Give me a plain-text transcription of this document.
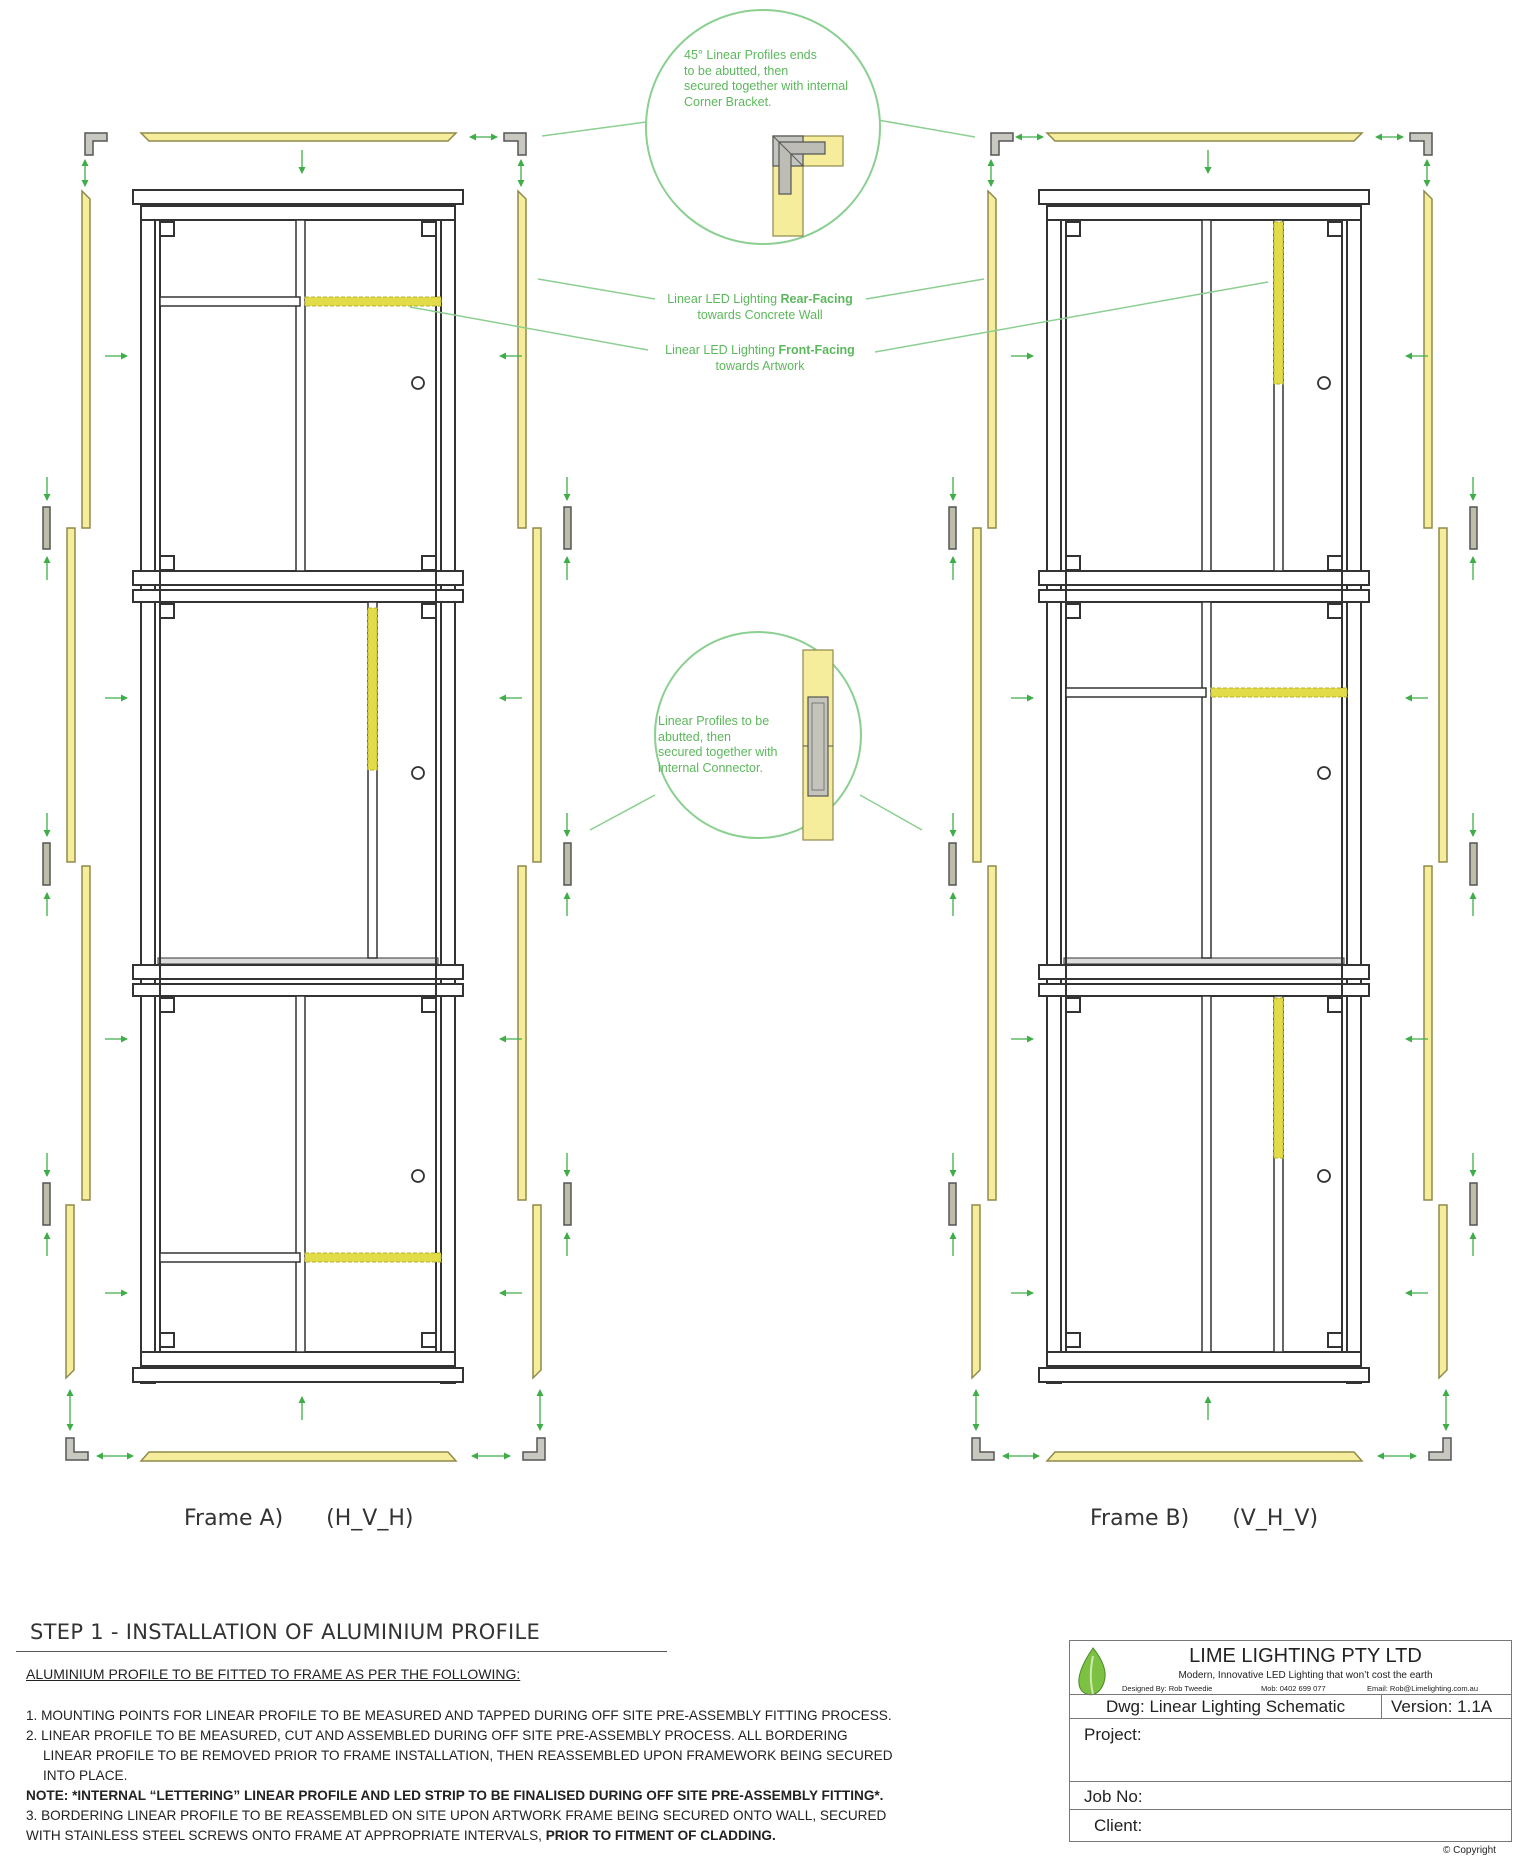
45° Linear Profiles ends
to be abutted, then
secured together with internal
Corner Bracket.
Linear LED Lighting Rear-Facing
towards Concrete Wall
Linear LED Lighting Front-Facing
towards Artwork
Linear Profiles to be
abutted, then
secured together with
internal Connector.
Frame A) (H_V_H)	Frame B) (V_H_V)
STEP 1 - INSTALLATION OF ALUMINIUM PROFILE
ALUMINIUM PROFILE TO BE FITTED TO FRAME AS PER THE FOLLOWING:
1. MOUNTING POINTS FOR LINEAR PROFILE TO BE MEASURED AND TAPPED DURING OFF SITE PRE-ASSEMBLY FITTING PROCESS.
2. LINEAR PROFILE TO BE MEASURED, CUT AND ASSEMBLED DURING OFF SITE PRE-ASSEMBLY PROCESS. ALL BORDERING
LINEAR PROFILE TO BE REMOVED PRIOR TO FRAME INSTALLATION, THEN REASSEMBLED UPON FRAMEWORK BEING SECURED
INTO PLACE.
NOTE: *INTERNAL “LETTERING” LINEAR PROFILE AND LED STRIP TO BE FINALISED DURING OFF SITE PRE-ASSEMBLY FITTING*.
3. BORDERING LINEAR PROFILE TO BE REASSEMBLED ON SITE UPON ARTWORK FRAME BEING SECURED ONTO WALL, SECURED
WITH STAINLESS STEEL SCREWS ONTO FRAME AT APPROPRIATE INTERVALS, PRIOR TO FITMENT OF CLADDING.
LIME LIGHTING PTY LTD
Modern, Innovative LED Lighting that won’t cost the earth
Designed By: Rob Tweedie	Mob: 0402 699 077	Email: Rob@Limelighting.com.au
Dwg: Linear Lighting Schematic	Version: 1.1A
Project:
Job No:
Client:
© Copyright
